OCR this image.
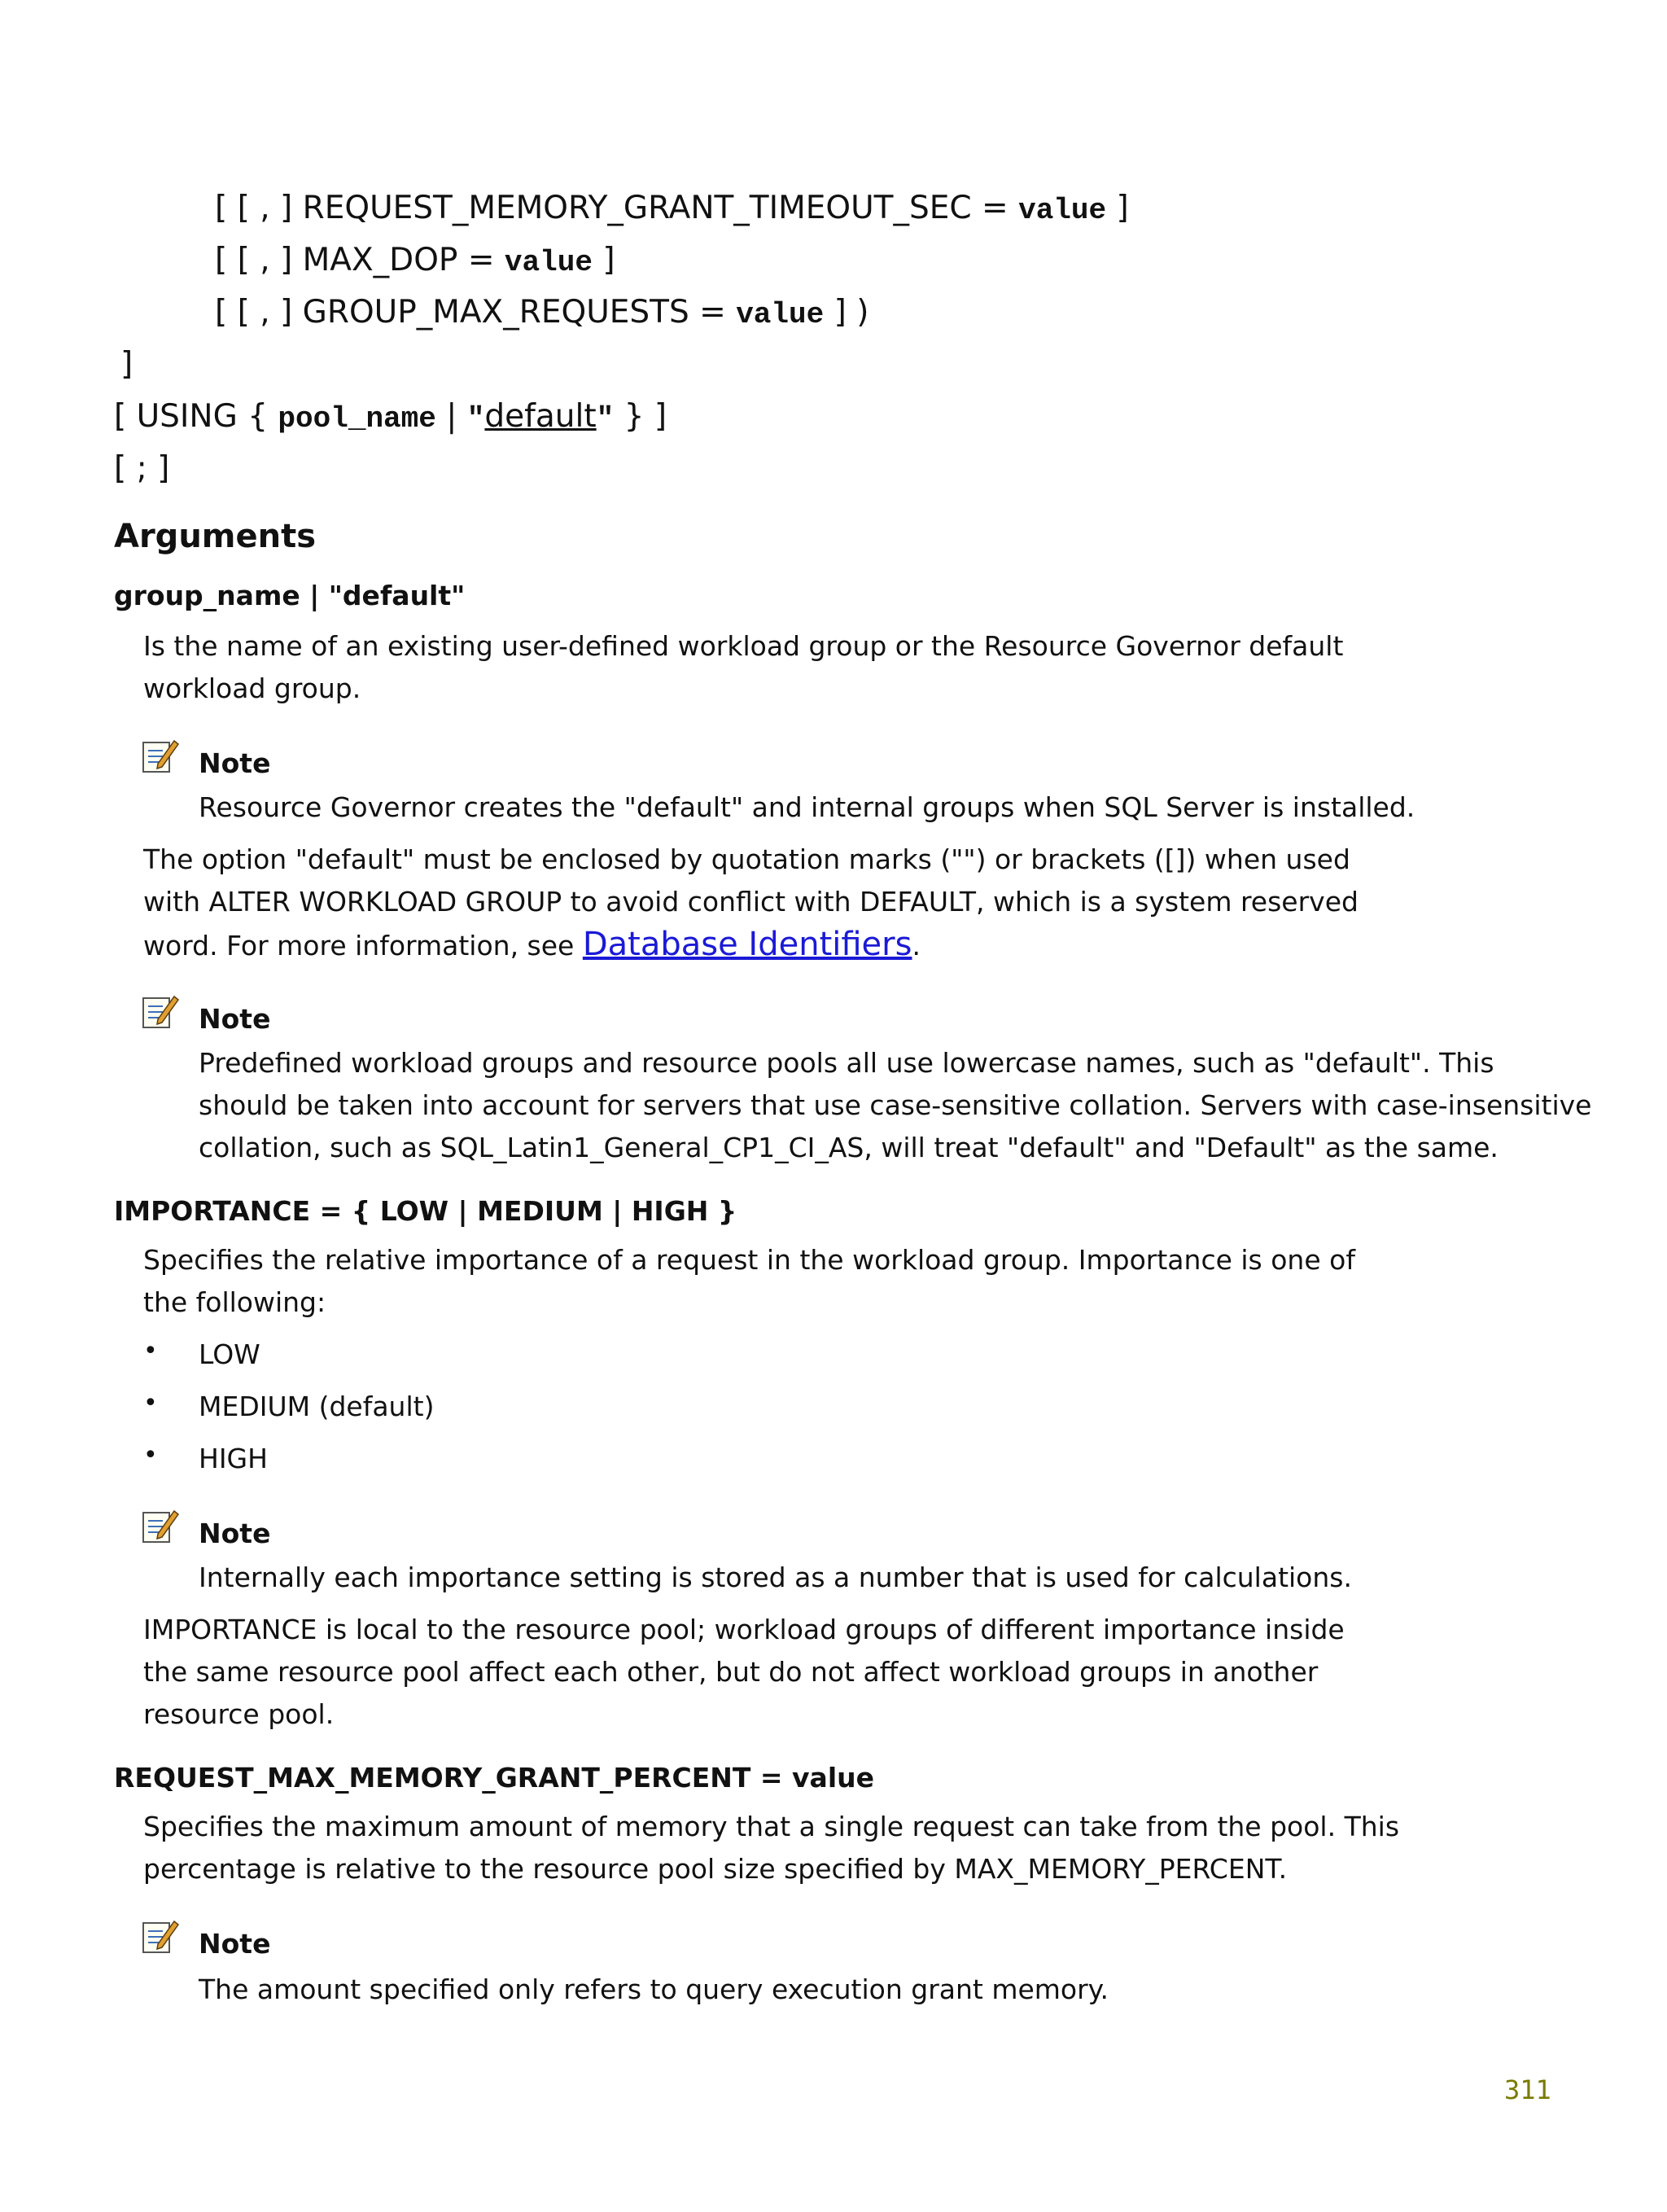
[ [ , ] REQUEST_MEMORY_GRANT_TIMEOUT_SEC = value ]
[ [ , ] MAX_DOP = value ]
[ [ , ] GROUP_MAX_REQUESTS = value ] )
]
[ USING { pool_name | "default" } ]
[ ; ]
Arguments
group_name | "default"
Is the name of an existing user-defined workload group or the Resource Governor default
workload group.
Note
Resource Governor creates the "default" and internal groups when SQL Server is installed.
The option "default" must be enclosed by quotation marks ("") or brackets ([]) when used
with ALTER WORKLOAD GROUP to avoid conflict with DEFAULT, which is a system reserved
word. For more information, see Database Identifiers.
Note
Predefined workload groups and resource pools all use lowercase names, such as "default". This
should be taken into account for servers that use case-sensitive collation. Servers with case-insensitive
collation, such as SQL_Latin1_General_CP1_CI_AS, will treat "default" and "Default" as the same.
IMPORTANCE = { LOW | MEDIUM | HIGH }
Specifies the relative importance of a request in the workload group. Importance is one of
the following:
• LOW
• MEDIUM (default)
• HIGH
Note
Internally each importance setting is stored as a number that is used for calculations.
IMPORTANCE is local to the resource pool; workload groups of different importance inside
the same resource pool affect each other, but do not affect workload groups in another
resource pool.
REQUEST_MAX_MEMORY_GRANT_PERCENT = value
Specifies the maximum amount of memory that a single request can take from the pool. This
percentage is relative to the resource pool size specified by MAX_MEMORY_PERCENT.
Note
The amount specified only refers to query execution grant memory.
311
